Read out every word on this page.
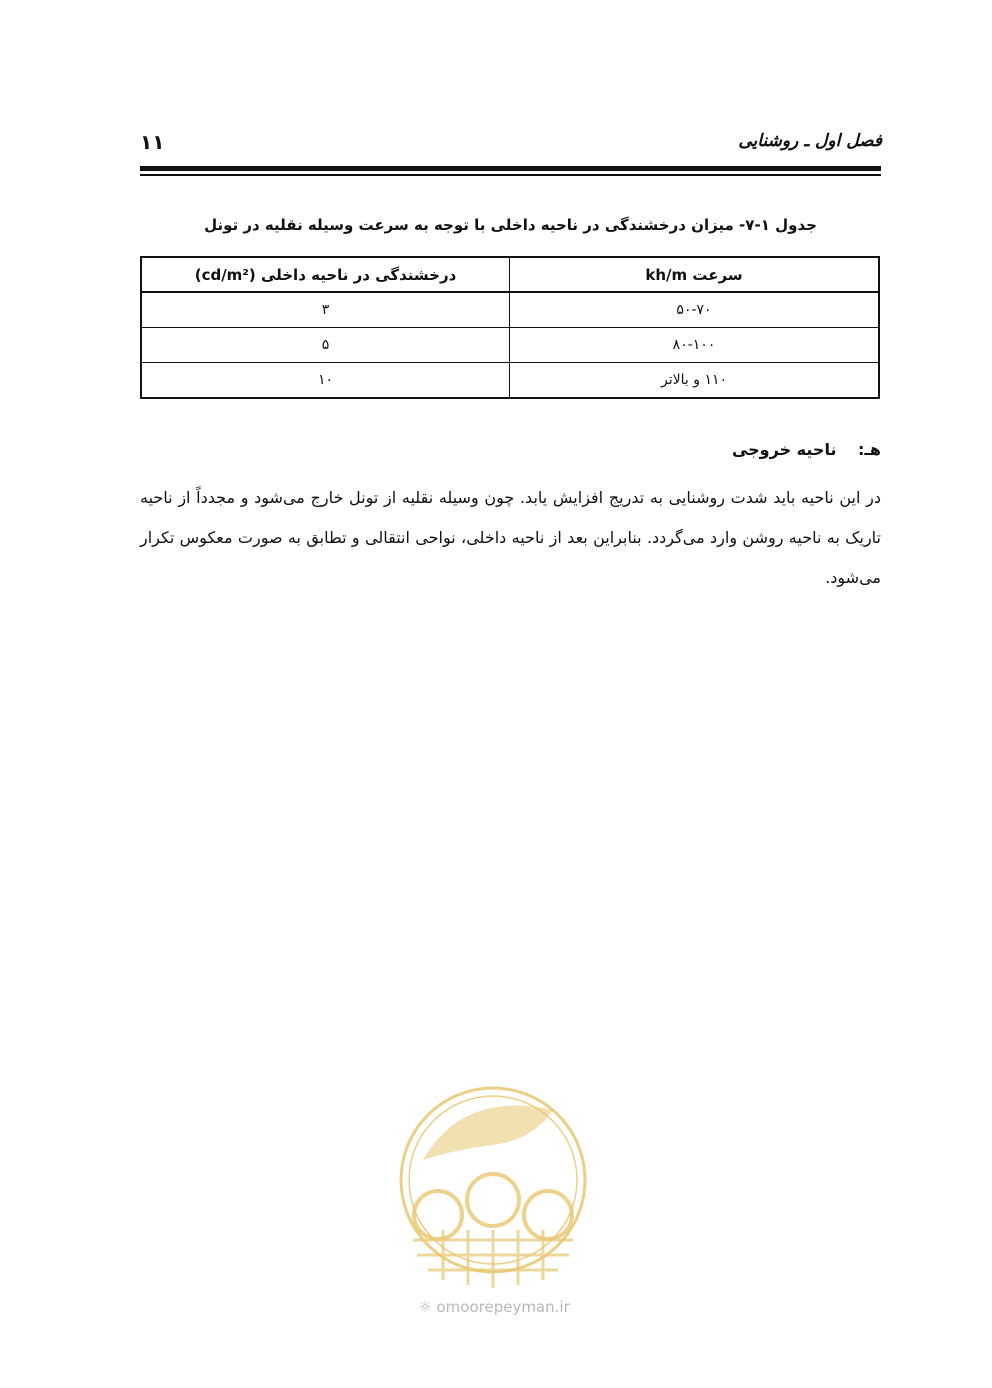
۱۱	فصل اول ـ روشنایی
جدول ۱-۷- میزان درخشندگی در ناحیه داخلی با توجه به سرعت وسیله نقلیه در تونل
سرعت kh/m	درخشندگی در ناحیه داخلی (cd/m²)
۵۰-۷۰	۳
۸۰-۱۰۰	۵
۱۱۰ و بالاتر	۱۰
هـ: ناحیه خروجی

در این ناحیه باید شدت روشنایی به تدریج افزایش یابد. چون وسیله نقلیه از تونل خارج می‌شود و مجدداً از ناحیه تاریک به ناحیه روشن وارد می‌گردد. بنابراین بعد از ناحیه داخلی، نواحی انتقالی و تطابق به صورت معکوس تکرار می‌شود.

☼ omoorepeyman.ir
